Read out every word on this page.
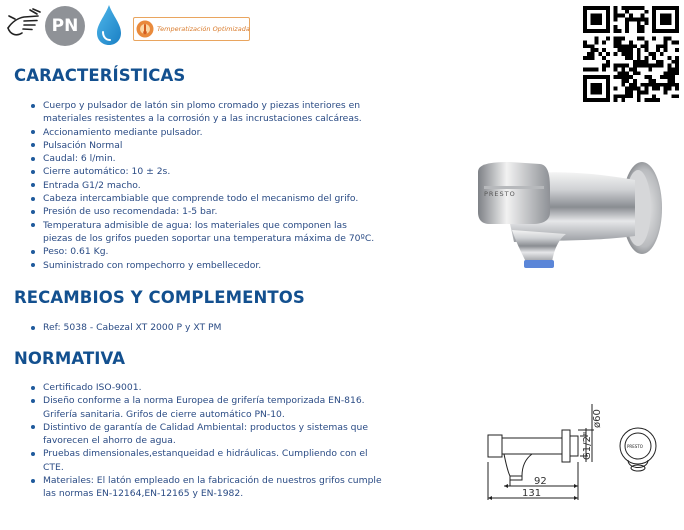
PN	Temperatización Optimizada
CARACTERÍSTICAS
Cuerpo y pulsador de latón sin plomo cromado y piezas interiores en materiales resistentes a la corrosión y a las incrustaciones calcáreas.
Accionamiento mediante pulsador.
Pulsación Normal
Caudal: 6 l/min.
Cierre automático: 10 ± 2s.
Entrada G1/2 macho.
Cabeza intercambiable que comprende todo el mecanismo del grifo.
Presión de uso recomendada: 1-5 bar.
Temperatura admisible de agua: los materiales que componen las piezas de los grifos pueden soportar una temperatura máxima de 70ºC.
Peso: 0.61 Kg.
Suministrado con rompechorro y embellecedor.
RECAMBIOS Y COMPLEMENTOS
Ref: 5038 - Cabezal XT 2000 P y XT PM
NORMATIVA
Certificado ISO-9001.
Diseño conforme a la norma Europea de grifería temporizada EN-816. Grifería sanitaria. Grifos de cierre automático PN-10.
Distintivo de garantía de Calidad Ambiental: productos y sistemas que favorecen el ahorro de agua.
Pruebas dimensionales,estanqueidad e hidráulicas. Cumpliendo con el CTE.
Materiales: El latón empleado en la fabricación de nuestros grifos cumple las normas EN-12164,EN-12165 y EN-1982.
PRESTO
92
131
G1/2"
ø60
PRESTO
